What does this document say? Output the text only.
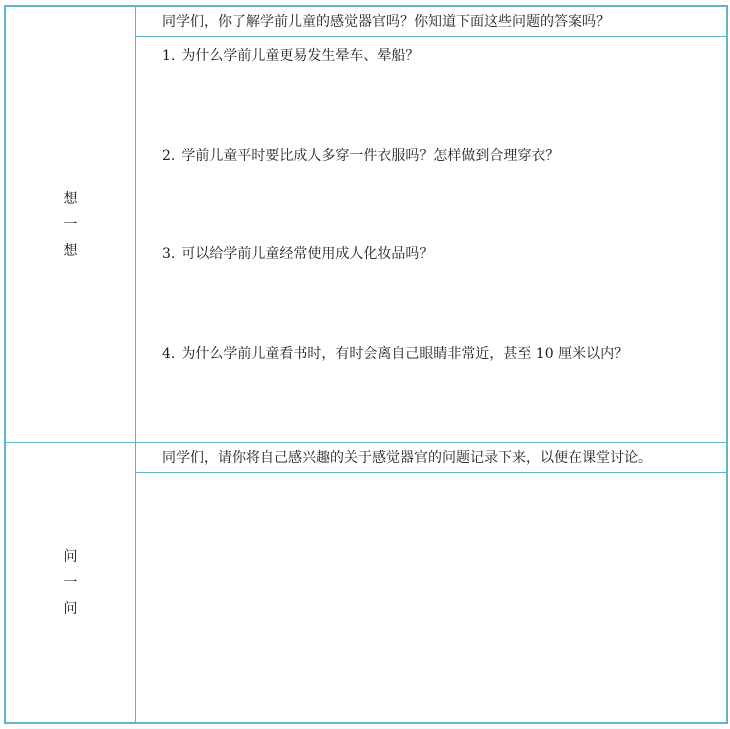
想
一
想
同学们，你了解学前儿童的感觉器官吗？你知道下面这些问题的答案吗？
1. 为什么学前儿童更易发生晕车、晕船？
2. 学前儿童平时要比成人多穿一件衣服吗？怎样做到合理穿衣？
3. 可以给学前儿童经常使用成人化妆品吗？
4. 为什么学前儿童看书时，有时会离自己眼睛非常近，甚至 10 厘米以内？
问
一
问
同学们，请你将自己感兴趣的关于感觉器官的问题记录下来，以便在课堂讨论。
